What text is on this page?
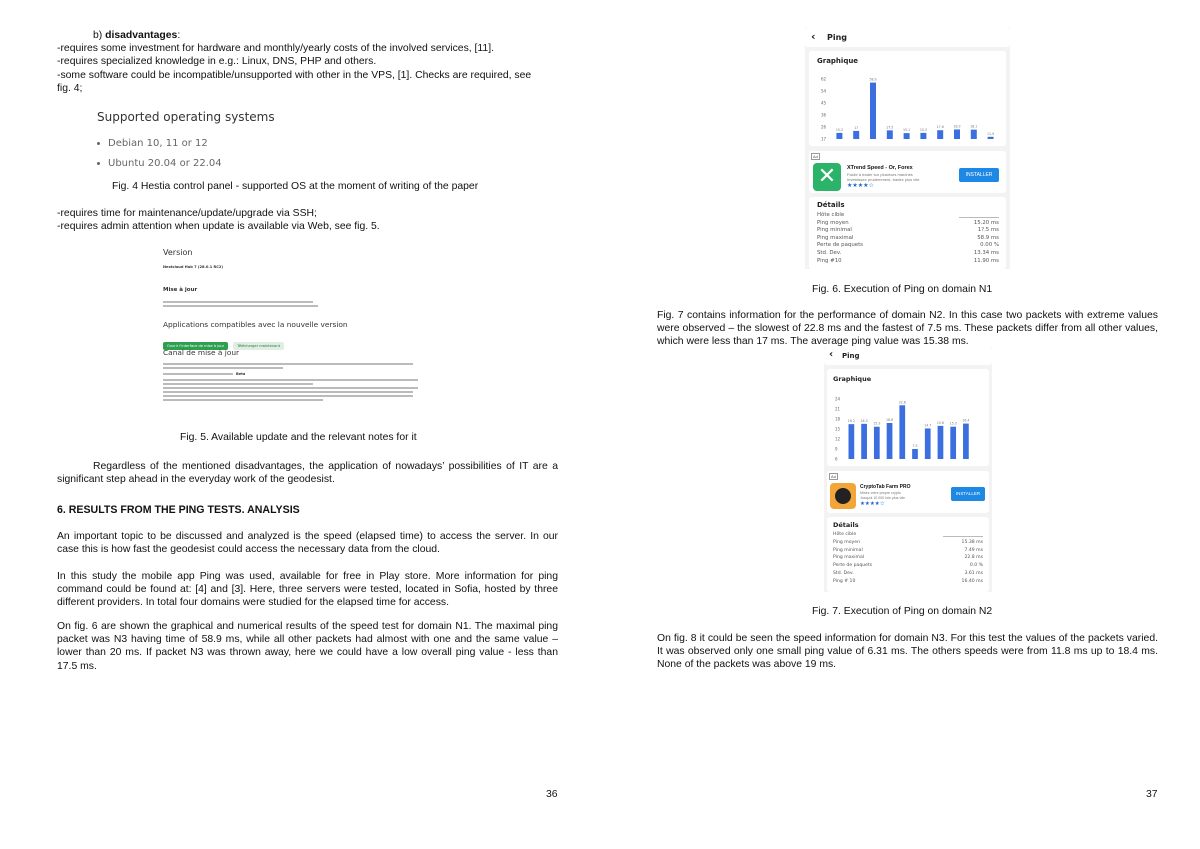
b) disadvantages:
-requires some investment for hardware and monthly/yearly costs of the involved services, [11].
-requires specialized knowledge in e.g.: Linux, DNS, PHP and others.
-some software could be incompatible/unsupported with other in the VPS, [1]. Checks are required, see
fig. 4;
Supported operating systems
Debian 10, 11 or 12
Ubuntu 20.04 or 22.04
Fig. 4 Hestia control panel - supported OS at the moment of writing of the paper
-requires time for maintenance/update/upgrade via SSH;
-requires admin attention when update is available via Web, see fig. 5.
Version
Nextcloud Hub 7 (28.0.1 RC2)
Mise à jour
Applications compatibles avec la nouvelle version
Ouvrir l'interface de mise à jour	Télécharger maintenant
Canal de mise à jour
Beta
Fig. 5. Available update and the relevant notes for it
Regardless of the mentioned disadvantages, the application of nowadays’ possibilities of IT are a significant step ahead in the everyday work of the geodesist.
6. RESULTS FROM THE PING TESTS. ANALYSIS
An important topic to be discussed and analyzed is the speed (elapsed time) to access the server. In our case this is how fast the geodesist could access the necessary data from the cloud.
In this study the mobile app Ping was used, available for free in Play store. More information for ping command could be found at: [4] and [3]. Here, three servers were tested, located in Sofia, hosted by three different providers. In total four domains were studied for the elapsed time for access.
On fig. 6 are shown the graphical and numerical results of the speed test for domain N1. The maximal ping packet was N3 having time of 58.9 ms, while all other packets had almost with one and the same value – lower than 20 ms. If packet N3 was thrown away, here we could have a low overall ping value - less than 17.5 ms.
36
‹ Ping
Graphique
62
54
45
36
26
17
15.3	17
58.9
17.5
15.1	15.3
17.6	18.3	18.1
11.9
Ad
✕	XTrend Speed - Or, Forex
Facile à trader sur plusieurs marchés
Investissez prudemment, tradez plus vite
★★★★☆
INSTALLER
Détails
Hôte cible
Ping moyen	15.20 ms
Ping minimal	1?.5 ms
Ping maximal	58.9 ms
Perte de paquets	0.00 %
Std. Dev.	13.34 ms
Ping #10	11.90 ms
Fig. 6. Execution of Ping on domain N1
Fig. 7 contains information for the performance of domain N2. In this case two packets with extreme values were observed – the slowest of 22.8 ms and the fastest of 7.5 ms. These packets differ from all other values, which were less than 17 ms. The average ping value was 15.38 ms.
‹ Ping
Graphique
24
21
18
15
12
9
6
16.2 16.3
15.3
16.6
22.8
7.5
14.7
15.6 15.3
16.4
Ad
CryptoTab Farm PRO
Minez votre propre crypto
Jusqu'à 10 000 fois plus vite
★★★★☆
INSTALLER
Détails
Hôte cible
Ping moyen	15.38 ms
Ping minimal	7.49 ms
Ping maximal	22.8 ms
Perte de paquets	0.0 %
Std. Dev.	3.61 ms
Ping # 10	16.40 ms
Fig. 7. Execution of Ping on domain N2
On fig. 8 it could be seen the speed information for domain N3. For this test the values of the packets varied. It was observed only one small ping value of 6.31 ms. The others speeds were from 11.8 ms up to 18.4 ms. None of the packets was above 19 ms.
37
